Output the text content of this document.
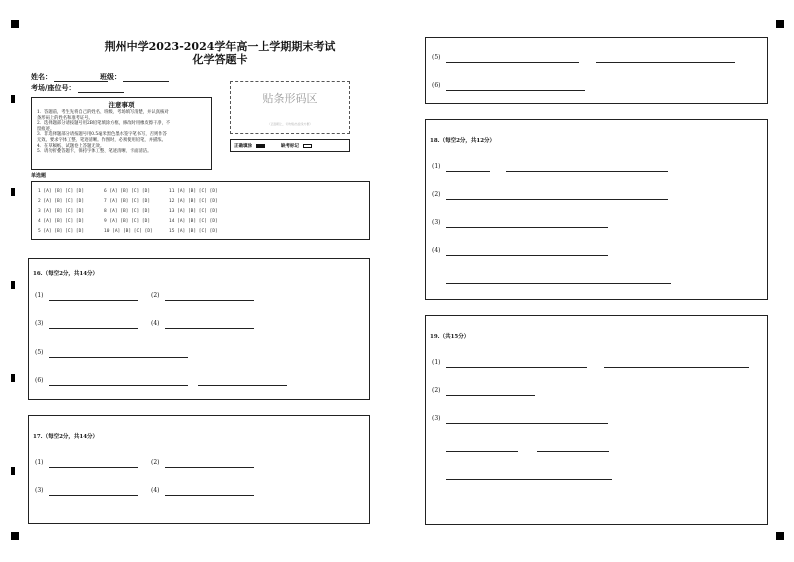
荆州中学2023-2024学年高一上学期期末考试
化学答题卡
姓名：	班级：
考场/座位号：
注意事项
1．答题前，考生先将自己的姓名、班级、考场填写清楚，并认真核对
条形码上的姓名和准考证号。
2．选择题部分请按题号用2B铅笔填涂方框，修改时用橡皮擦干净，不
留痕迹。
3．非选择题部分请按题号用0.5毫米黑色墨水签字笔书写，否则作答
无效。要求字体工整、笔迹清晰。作图时，必须使用铅笔，并描浓。
4．在草稿纸、试题卷上答题无效。
5．请勿折叠答题卡，保持字体工整、笔迹清晰、卡面清洁。
贴条形码区
（正面朝上，切勿贴出虚线方框）
正确填涂	缺考标记
单选题
1 [A] [B] [C] [D]
2 [A] [B] [C] [D]
3 [A] [B] [C] [D]
4 [A] [B] [C] [D]
5 [A] [B] [C] [D]
6 [A] [B] [C] [D]
7 [A] [B] [C] [D]
8 [A] [B] [C] [D]
9 [A] [B] [C] [D]
10 [A] [B] [C] [D]
11 [A] [B] [C] [D]
12 [A] [B] [C] [D]
13 [A] [B] [C] [D]
14 [A] [B] [C] [D]
15 [A] [B] [C] [D]
16.（每空2分，共14分）
(1)	(2)
(3)	(4)
(5)
(6)
17.（每空2分，共14分）
(1)	(2)
(3)	(4)
(5)
(6)
18.（每空2分，共12分）
(1)
(2)
(3)
(4)
19.（共15分）
(1)
(2)
(3)
